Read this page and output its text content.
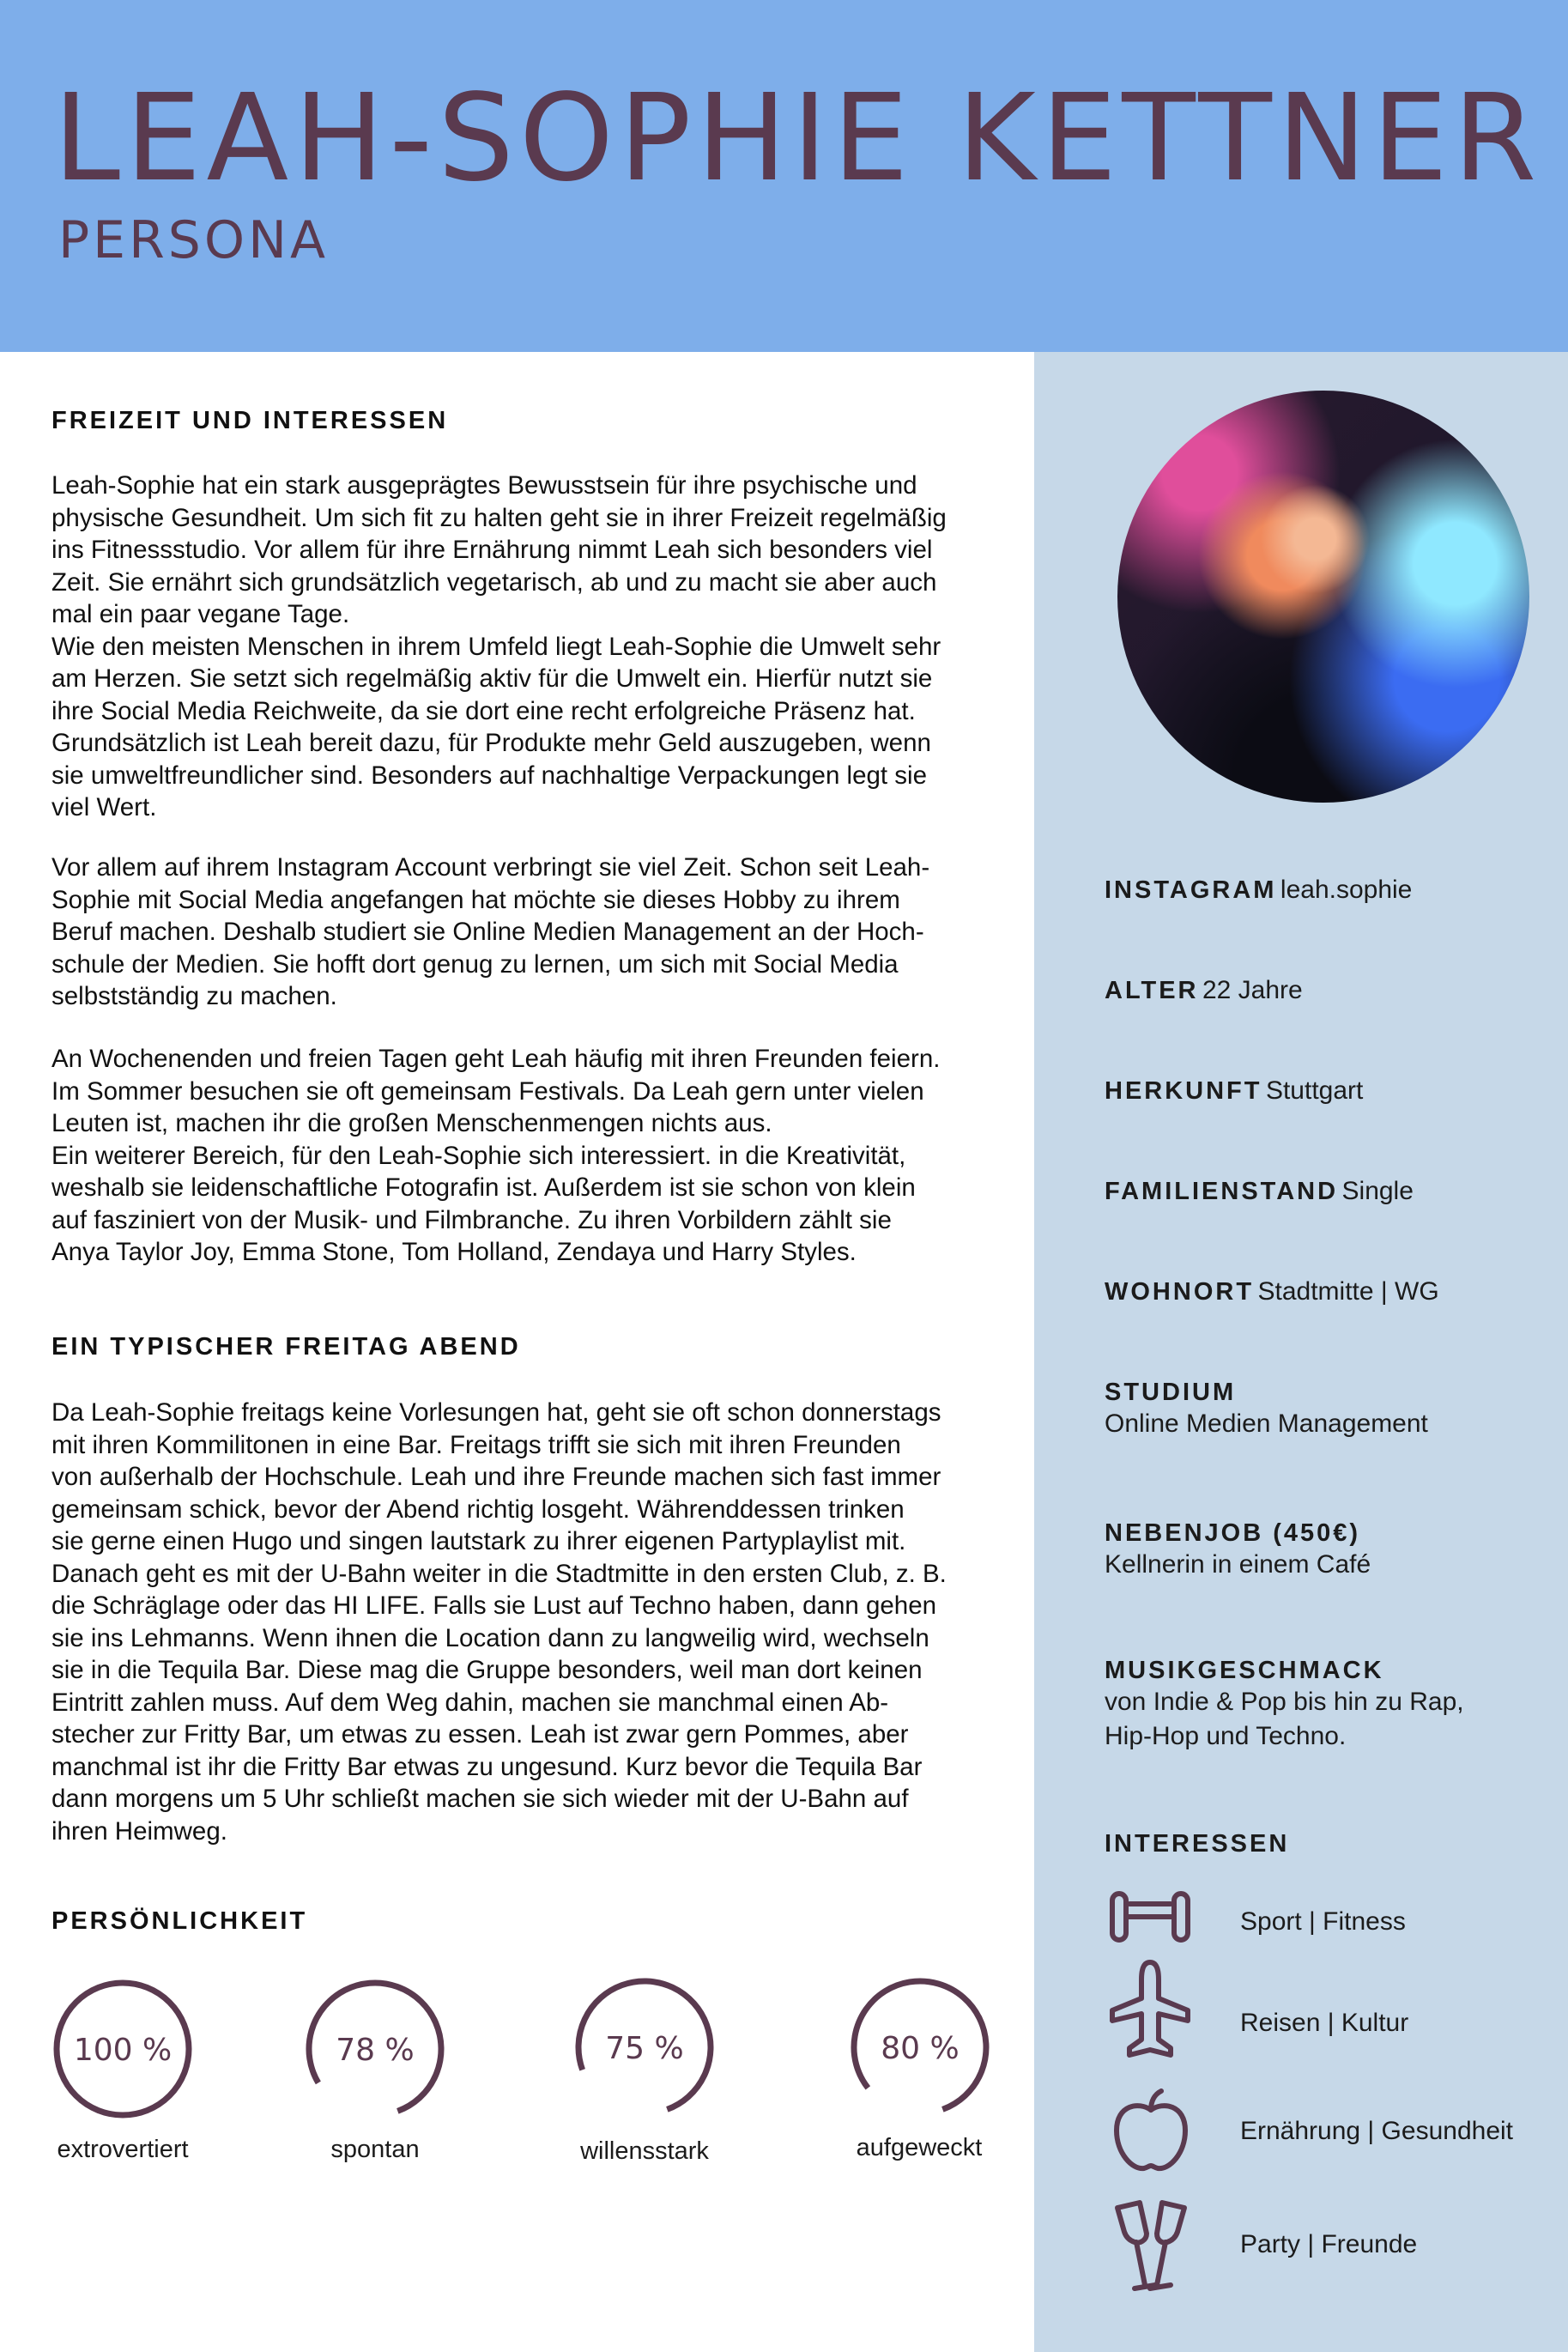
LEAH-SOPHIE KETTNER
PERSONA
FREIZEIT UND INTERESSEN

Leah-Sophie hat ein stark ausgeprägtes Bewusstsein für ihre psychische und
physische Gesundheit. Um sich fit zu halten geht sie in ihrer Freizeit regelmäßig
ins Fitnessstudio. Vor allem für ihre Ernährung nimmt Leah sich besonders viel
Zeit. Sie ernährt sich grundsätzlich vegetarisch, ab und zu macht sie aber auch
mal ein paar vegane Tage.
Wie den meisten Menschen in ihrem Umfeld liegt Leah-Sophie die Umwelt sehr
am Herzen. Sie setzt sich regelmäßig aktiv für die Umwelt ein. Hierfür nutzt sie
ihre Social Media Reichweite, da sie dort eine recht erfolgreiche Präsenz hat.
Grundsätzlich ist Leah bereit dazu, für Produkte mehr Geld auszugeben, wenn
sie umweltfreundlicher sind. Besonders auf nachhaltige Verpackungen legt sie
viel Wert.

Vor allem auf ihrem Instagram Account verbringt sie viel Zeit. Schon seit Leah-
Sophie mit Social Media angefangen hat möchte sie dieses Hobby zu ihrem
Beruf machen. Deshalb studiert sie Online Medien Management an der Hoch-
schule der Medien. Sie hofft dort genug zu lernen, um sich mit Social Media
selbstständig zu machen.

An Wochenenden und freien Tagen geht Leah häufig mit ihren Freunden feiern.
Im Sommer besuchen sie oft gemeinsam Festivals. Da Leah gern unter vielen
Leuten ist, machen ihr die großen Menschenmengen nichts aus.
Ein weiterer Bereich, für den Leah-Sophie sich interessiert. in die Kreativität,
weshalb sie leidenschaftliche Fotografin ist. Außerdem ist sie schon von klein
auf fasziniert von der Musik- und Filmbranche. Zu ihren Vorbildern zählt sie
Anya Taylor Joy, Emma Stone, Tom Holland, Zendaya und Harry Styles.

EIN TYPISCHER FREITAG ABEND

Da Leah-Sophie freitags keine Vorlesungen hat, geht sie oft schon donnerstags
mit ihren Kommilitonen in eine Bar. Freitags trifft sie sich mit ihren Freunden
von außerhalb der Hochschule. Leah und ihre Freunde machen sich fast immer
gemeinsam schick, bevor der Abend richtig losgeht. Währenddessen trinken
sie gerne einen Hugo und singen lautstark zu ihrer eigenen Partyplaylist mit.
Danach geht es mit der U-Bahn weiter in die Stadtmitte in den ersten Club, z. B.
die Schräglage oder das HI LIFE. Falls sie Lust auf Techno haben, dann gehen
sie ins Lehmanns. Wenn ihnen die Location dann zu langweilig wird, wechseln
sie in die Tequila Bar. Diese mag die Gruppe besonders, weil man dort keinen
Eintritt zahlen muss. Auf dem Weg dahin, machen sie manchmal einen Ab-
stecher zur Fritty Bar, um etwas zu essen. Leah ist zwar gern Pommes, aber
manchmal ist ihr die Fritty Bar etwas zu ungesund. Kurz bevor die Tequila Bar
dann morgens um 5 Uhr schließt machen sie sich wieder mit der U-Bahn auf
ihren Heimweg.

PERSÖNLICHKEIT
100 %	78 %	75 %	80 %
extrovertiert	spontan	willensstark	aufgeweckt
INSTAGRAM leah.sophie
ALTER 22 Jahre
HERKUNFT Stuttgart
FAMILIENSTAND Single
WOHNORT Stadtmitte | WG
STUDIUM
Online Medien Management
NEBENJOB (450€)
Kellnerin in einem Café
MUSIKGESCHMACK
von Indie & Pop bis hin zu Rap,
Hip-Hop und Techno.
INTERESSEN
Sport | Fitness
Reisen | Kultur
Ernährung | Gesundheit
Party | Freunde
